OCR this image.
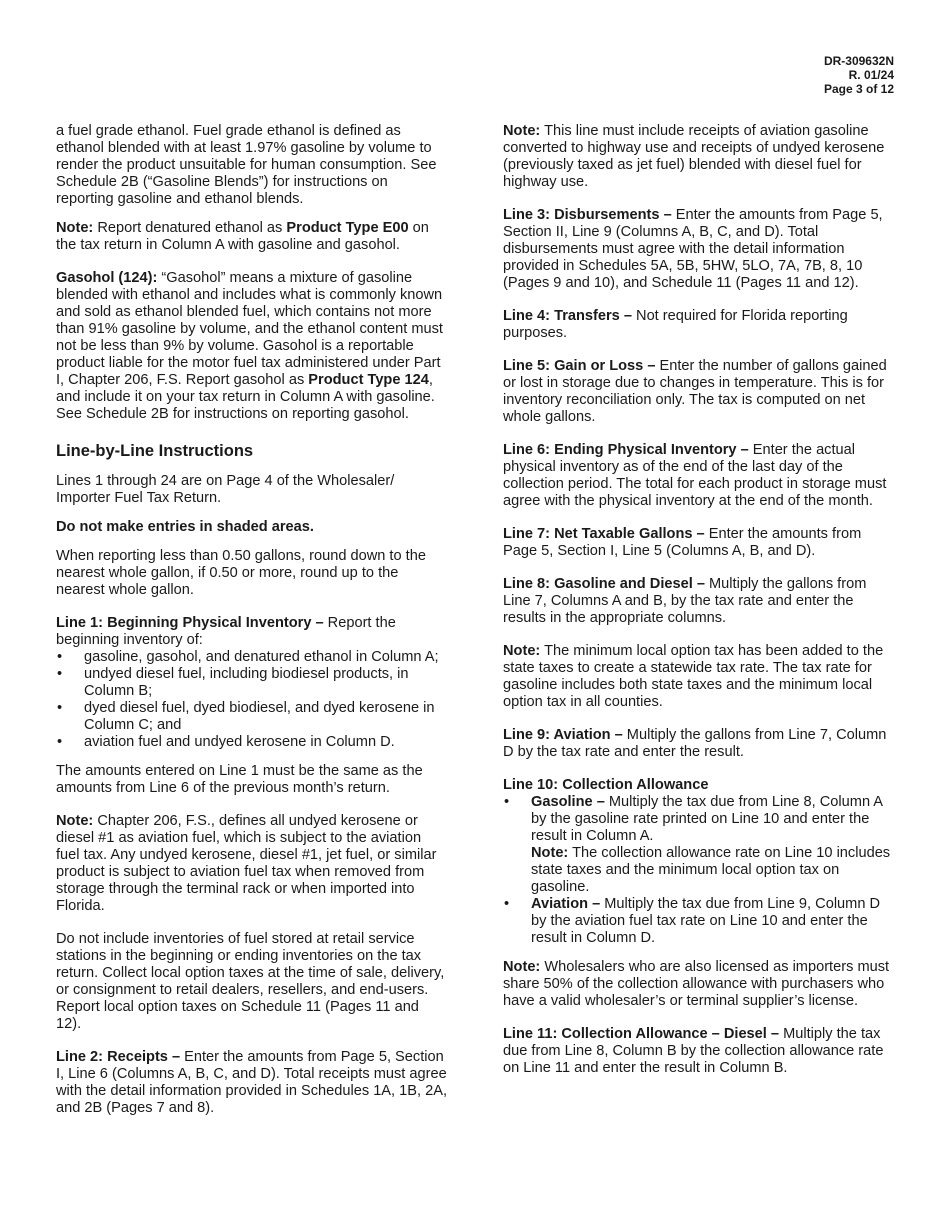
DR-309632N
R. 01/24
Page 3 of 12

a fuel grade ethanol. Fuel grade ethanol is defined as ethanol blended with at least 1.97% gasoline by volume to render the product unsuitable for human consumption. See Schedule 2B (“Gasoline Blends”) for instructions on reporting gasoline and ethanol blends.

Note: Report denatured ethanol as Product Type E00 on the tax return in Column A with gasoline and gasohol.

Gasohol (124): “Gasohol” means a mixture of gasoline blended with ethanol and includes what is commonly known and sold as ethanol blended fuel, which contains not more than 91% gasoline by volume, and the ethanol content must not be less than 9% by volume. Gasohol is a reportable product liable for the motor fuel tax administered under Part I, Chapter 206, F.S. Report gasohol as Product Type 124, and include it on your tax return in Column A with gasoline. See Schedule 2B for instructions on reporting gasohol.

Line-by-Line Instructions

Lines 1 through 24 are on Page 4 of the Wholesaler/ Importer Fuel Tax Return.

Do not make entries in shaded areas.

When reporting less than 0.50 gallons, round down to the nearest whole gallon, if 0.50 or more, round up to the nearest whole gallon.

Line 1: Beginning Physical Inventory – Report the beginning inventory of:

• gasoline, gasohol, and denatured ethanol in Column A;
• undyed diesel fuel, including biodiesel products, in Column B;
• dyed diesel fuel, dyed biodiesel, and dyed kerosene in Column C; and
• aviation fuel and undyed kerosene in Column D.

The amounts entered on Line 1 must be the same as the amounts from Line 6 of the previous month’s return.

Note: Chapter 206, F.S., defines all undyed kerosene or diesel #1 as aviation fuel, which is subject to the aviation fuel tax. Any undyed kerosene, diesel #1, jet fuel, or similar product is subject to aviation fuel tax when removed from storage through the terminal rack or when imported into Florida.

Do not include inventories of fuel stored at retail service stations in the beginning or ending inventories on the tax return. Collect local option taxes at the time of sale, delivery, or consignment to retail dealers, resellers, and end-users. Report local option taxes on Schedule 11 (Pages 11 and 12).

Line 2: Receipts – Enter the amounts from Page 5, Section I, Line 6 (Columns A, B, C, and D). Total receipts must agree with the detail information provided in Schedules 1A, 1B, 2A, and 2B (Pages 7 and 8).

Note: This line must include receipts of aviation gasoline converted to highway use and receipts of undyed kerosene (previously taxed as jet fuel) blended with diesel fuel for highway use.

Line 3: Disbursements – Enter the amounts from Page 5, Section II, Line 9 (Columns A, B, C, and D). Total disbursements must agree with the detail information provided in Schedules 5A, 5B, 5HW, 5LO, 7A, 7B, 8, 10 (Pages 9 and 10), and Schedule 11 (Pages 11 and 12).

Line 4: Transfers – Not required for Florida reporting purposes.

Line 5: Gain or Loss – Enter the number of gallons gained or lost in storage due to changes in temperature. This is for inventory reconciliation only. The tax is computed on net whole gallons.

Line 6: Ending Physical Inventory – Enter the actual physical inventory as of the end of the last day of the collection period. The total for each product in storage must agree with the physical inventory at the end of the month.

Line 7: Net Taxable Gallons – Enter the amounts from Page 5, Section I, Line 5 (Columns A, B, and D).

Line 8: Gasoline and Diesel – Multiply the gallons from Line 7, Columns A and B, by the tax rate and enter the results in the appropriate columns.

Note: The minimum local option tax has been added to the state taxes to create a statewide tax rate. The tax rate for gasoline includes both state taxes and the minimum local option tax in all counties.

Line 9: Aviation – Multiply the gallons from Line 7, Column D by the tax rate and enter the result.

Line 10: Collection Allowance

• Gasoline – Multiply the tax due from Line 8, Column A by the gasoline rate printed on Line 10 and enter the result in Column A.
Note: The collection allowance rate on Line 10 includes state taxes and the minimum local option tax on gasoline.
• Aviation – Multiply the tax due from Line 9, Column D by the aviation fuel tax rate on Line 10 and enter the result in Column D.

Note: Wholesalers who are also licensed as importers must share 50% of the collection allowance with purchasers who have a valid wholesaler’s or terminal supplier’s license.

Line 11: Collection Allowance – Diesel – Multiply the tax due from Line 8, Column B by the collection allowance rate on Line 11 and enter the result in Column B.
